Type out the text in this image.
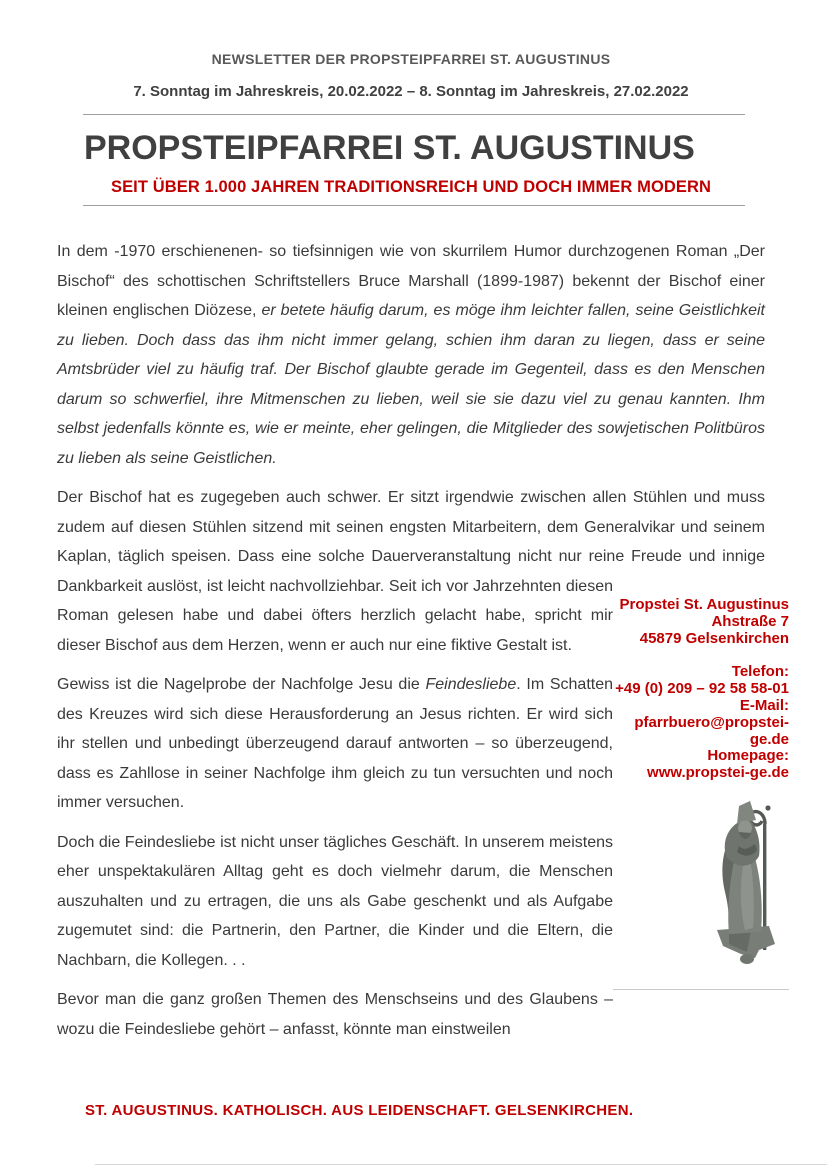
NEWSLETTER DER PROPSTEIPFARREI ST. AUGUSTINUS
7. Sonntag im Jahreskreis, 20.02.2022 – 8. Sonntag im Jahreskreis, 27.02.2022
PROPSTEIPFARREI ST. AUGUSTINUS
SEIT ÜBER 1.000 JAHREN TRADITIONSREICH UND DOCH IMMER MODERN
Propstei St. Augustinus
Ahstraße 7
45879 Gelsenkirchen
Telefon:
+49 (0) 209 – 92 58 58-01
E-Mail:
pfarrbuero@propstei-ge.de
Homepage:
www.propstei-ge.de

In dem -1970 erschienenen- so tiefsinnigen wie von skurrilem Humor durchzogenen Roman „Der Bischof“ des schottischen Schriftstellers Bruce Marshall (1899-1987) bekennt der Bischof einer kleinen englischen Diözese, er betete häufig darum, es möge ihm leichter fallen, seine Geistlichkeit zu lieben. Doch dass das ihm nicht immer gelang, schien ihm daran zu liegen, dass er seine Amtsbrüder viel zu häufig traf. Der Bischof glaubte gerade im Gegenteil, dass es den Menschen darum so schwerfiel, ihre Mitmenschen zu lieben, weil sie sie dazu viel zu genau kannten. Ihm selbst jedenfalls könnte es, wie er meinte, eher gelingen, die Mitglieder des sowjetischen Politbüros zu lieben als seine Geistlichen.

Der Bischof hat es zugegeben auch schwer. Er sitzt irgendwie zwischen allen Stühlen und muss zudem auf diesen Stühlen sitzend mit seinen engsten Mitarbeitern, dem Generalvikar und seinem Kaplan, täglich speisen. Dass eine solche Dauerveranstaltung nicht nur reine Freude und innige Dankbarkeit auslöst, ist leicht nachvollziehbar. Seit ich vor Jahrzehnten diesen Roman gelesen habe und dabei öfters herzlich gelacht habe, spricht mir dieser Bischof aus dem Herzen, wenn er auch nur eine fiktive Gestalt ist.

Gewiss ist die Nagelprobe der Nachfolge Jesu die Feindesliebe. Im Schatten des Kreuzes wird sich diese Herausforderung an Jesus richten. Er wird sich ihr stellen und unbedingt überzeugend darauf antworten – so überzeugend, dass es Zahllose in seiner Nachfolge ihm gleich zu tun versuchten und noch immer versuchen.

Doch die Feindesliebe ist nicht unser tägliches Geschäft. In unserem meistens eher unspektakulären Alltag geht es doch vielmehr darum, die Menschen auszuhalten und zu ertragen, die uns als Gabe geschenkt und als Aufgabe zugemutet sind: die Partnerin, den Partner, die Kinder und die Eltern, die Nachbarn, die Kollegen. . .

Bevor man die ganz großen Themen des Menschseins und des Glaubens – wozu die Feindesliebe gehört – anfasst, könnte man einstweilen

ST. AUGUSTINUS. KATHOLISCH. AUS LEIDENSCHAFT. GELSENKIRCHEN.
